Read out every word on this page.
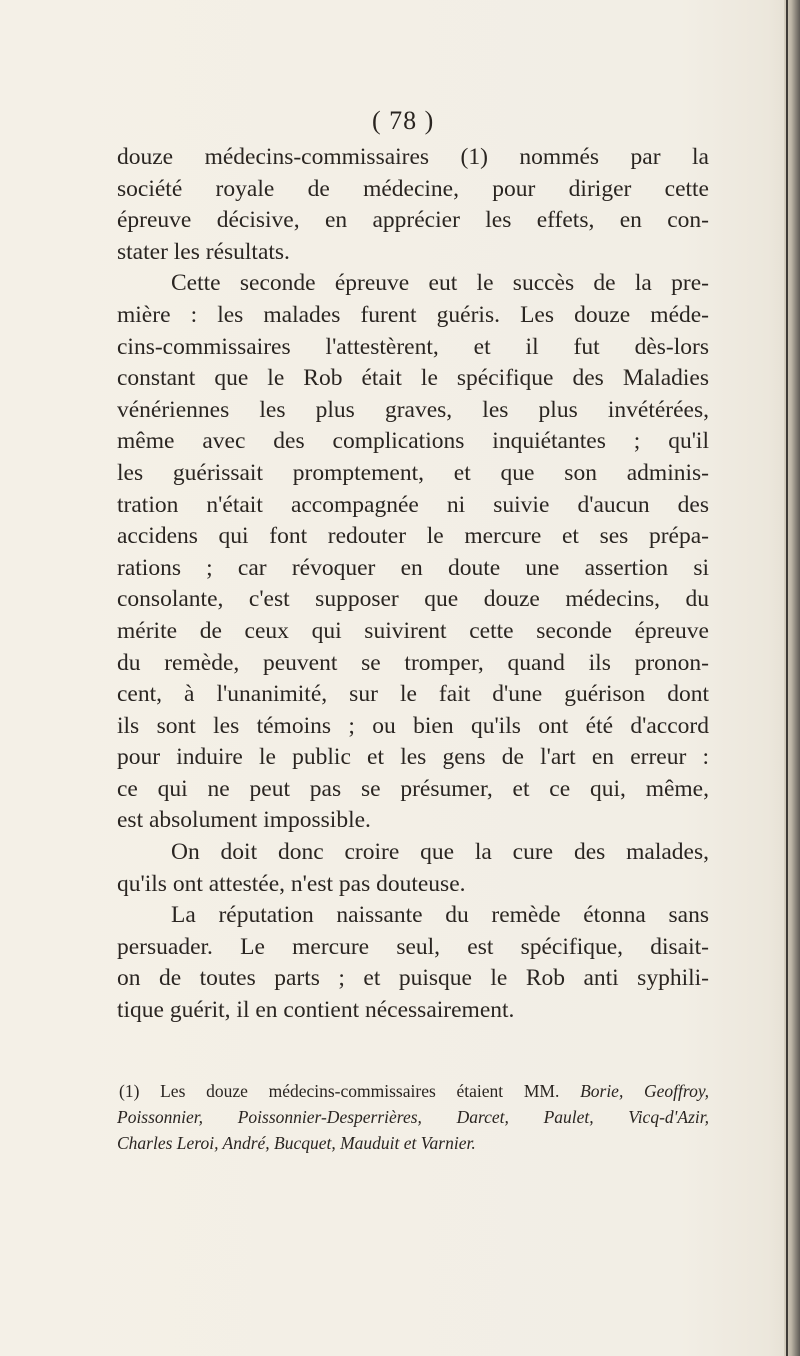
( 78 )
douze médecins-commissaires (1) nommés par la
société royale de médecine, pour diriger cette
épreuve décisive, en apprécier les effets, en con-
stater les résultats.
Cette seconde épreuve eut le succès de la pre-
mière : les malades furent guéris. Les douze méde-
cins-commissaires l'attestèrent, et il fut dès-lors
constant que le Rob était le spécifique des Maladies
vénériennes les plus graves, les plus invétérées,
même avec des complications inquiétantes ; qu'il
les guérissait promptement, et que son adminis-
tration n'était accompagnée ni suivie d'aucun des
accidens qui font redouter le mercure et ses prépa-
rations ; car révoquer en doute une assertion si
consolante, c'est supposer que douze médecins, du
mérite de ceux qui suivirent cette seconde épreuve
du remède, peuvent se tromper, quand ils pronon-
cent, à l'unanimité, sur le fait d'une guérison dont
ils sont les témoins ; ou bien qu'ils ont été d'accord
pour induire le public et les gens de l'art en erreur :
ce qui ne peut pas se présumer, et ce qui, même,
est absolument impossible.
On doit donc croire que la cure des malades,
qu'ils ont attestée, n'est pas douteuse.
La réputation naissante du remède étonna sans
persuader. Le mercure seul, est spécifique, disait-
on de toutes parts ; et puisque le Rob anti syphili-
tique guérit, il en contient nécessairement.
(1) Les douze médecins-commissaires étaient MM. Borie, Geoffroy,
Poissonnier, Poissonnier-Desperrières, Darcet, Paulet, Vicq-d'Azir,
Charles Leroi, André, Bucquet, Mauduit et Varnier.
